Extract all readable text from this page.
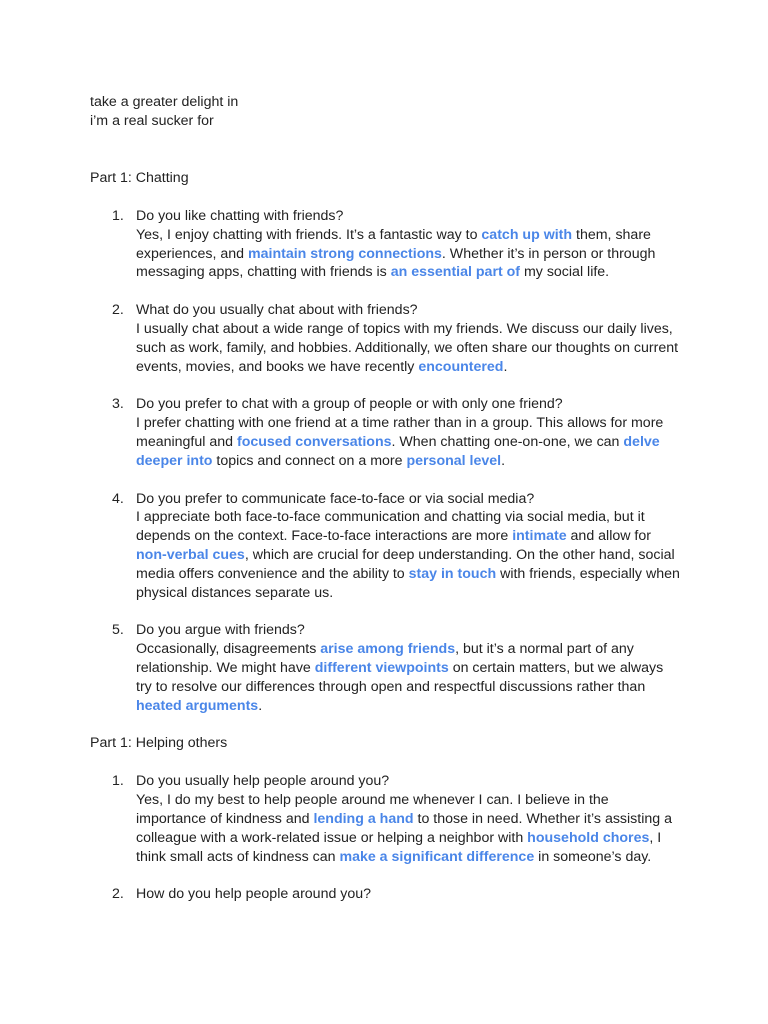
take a greater delight in

i’m a real sucker for

Part 1: Chatting

1. Do you like chatting with friends?
Yes, I enjoy chatting with friends. It’s a fantastic way to catch up with them, share experiences, and maintain strong connections. Whether it’s in person or through messaging apps, chatting with friends is an essential part of my social life.
2. What do you usually chat about with friends?
I usually chat about a wide range of topics with my friends. We discuss our daily lives, such as work, family, and hobbies. Additionally, we often share our thoughts on current events, movies, and books we have recently encountered.
3. Do you prefer to chat with a group of people or with only one friend?
I prefer chatting with one friend at a time rather than in a group. This allows for more meaningful and focused conversations. When chatting one-on-one, we can delve deeper into topics and connect on a more personal level.
4. Do you prefer to communicate face-to-face or via social media?
I appreciate both face-to-face communication and chatting via social media, but it depends on the context. Face-to-face interactions are more intimate and allow for non-verbal cues, which are crucial for deep understanding. On the other hand, social media offers convenience and the ability to stay in touch with friends, especially when physical distances separate us.
5. Do you argue with friends?
Occasionally, disagreements arise among friends, but it’s a normal part of any relationship. We might have different viewpoints on certain matters, but we always try to resolve our differences through open and respectful discussions rather than heated arguments.

Part 1: Helping others

1. Do you usually help people around you?
Yes, I do my best to help people around me whenever I can. I believe in the importance of kindness and lending a hand to those in need. Whether it’s assisting a colleague with a work-related issue or helping a neighbor with household chores, I think small acts of kindness can make a significant difference in someone’s day.
2. How do you help people around you?
